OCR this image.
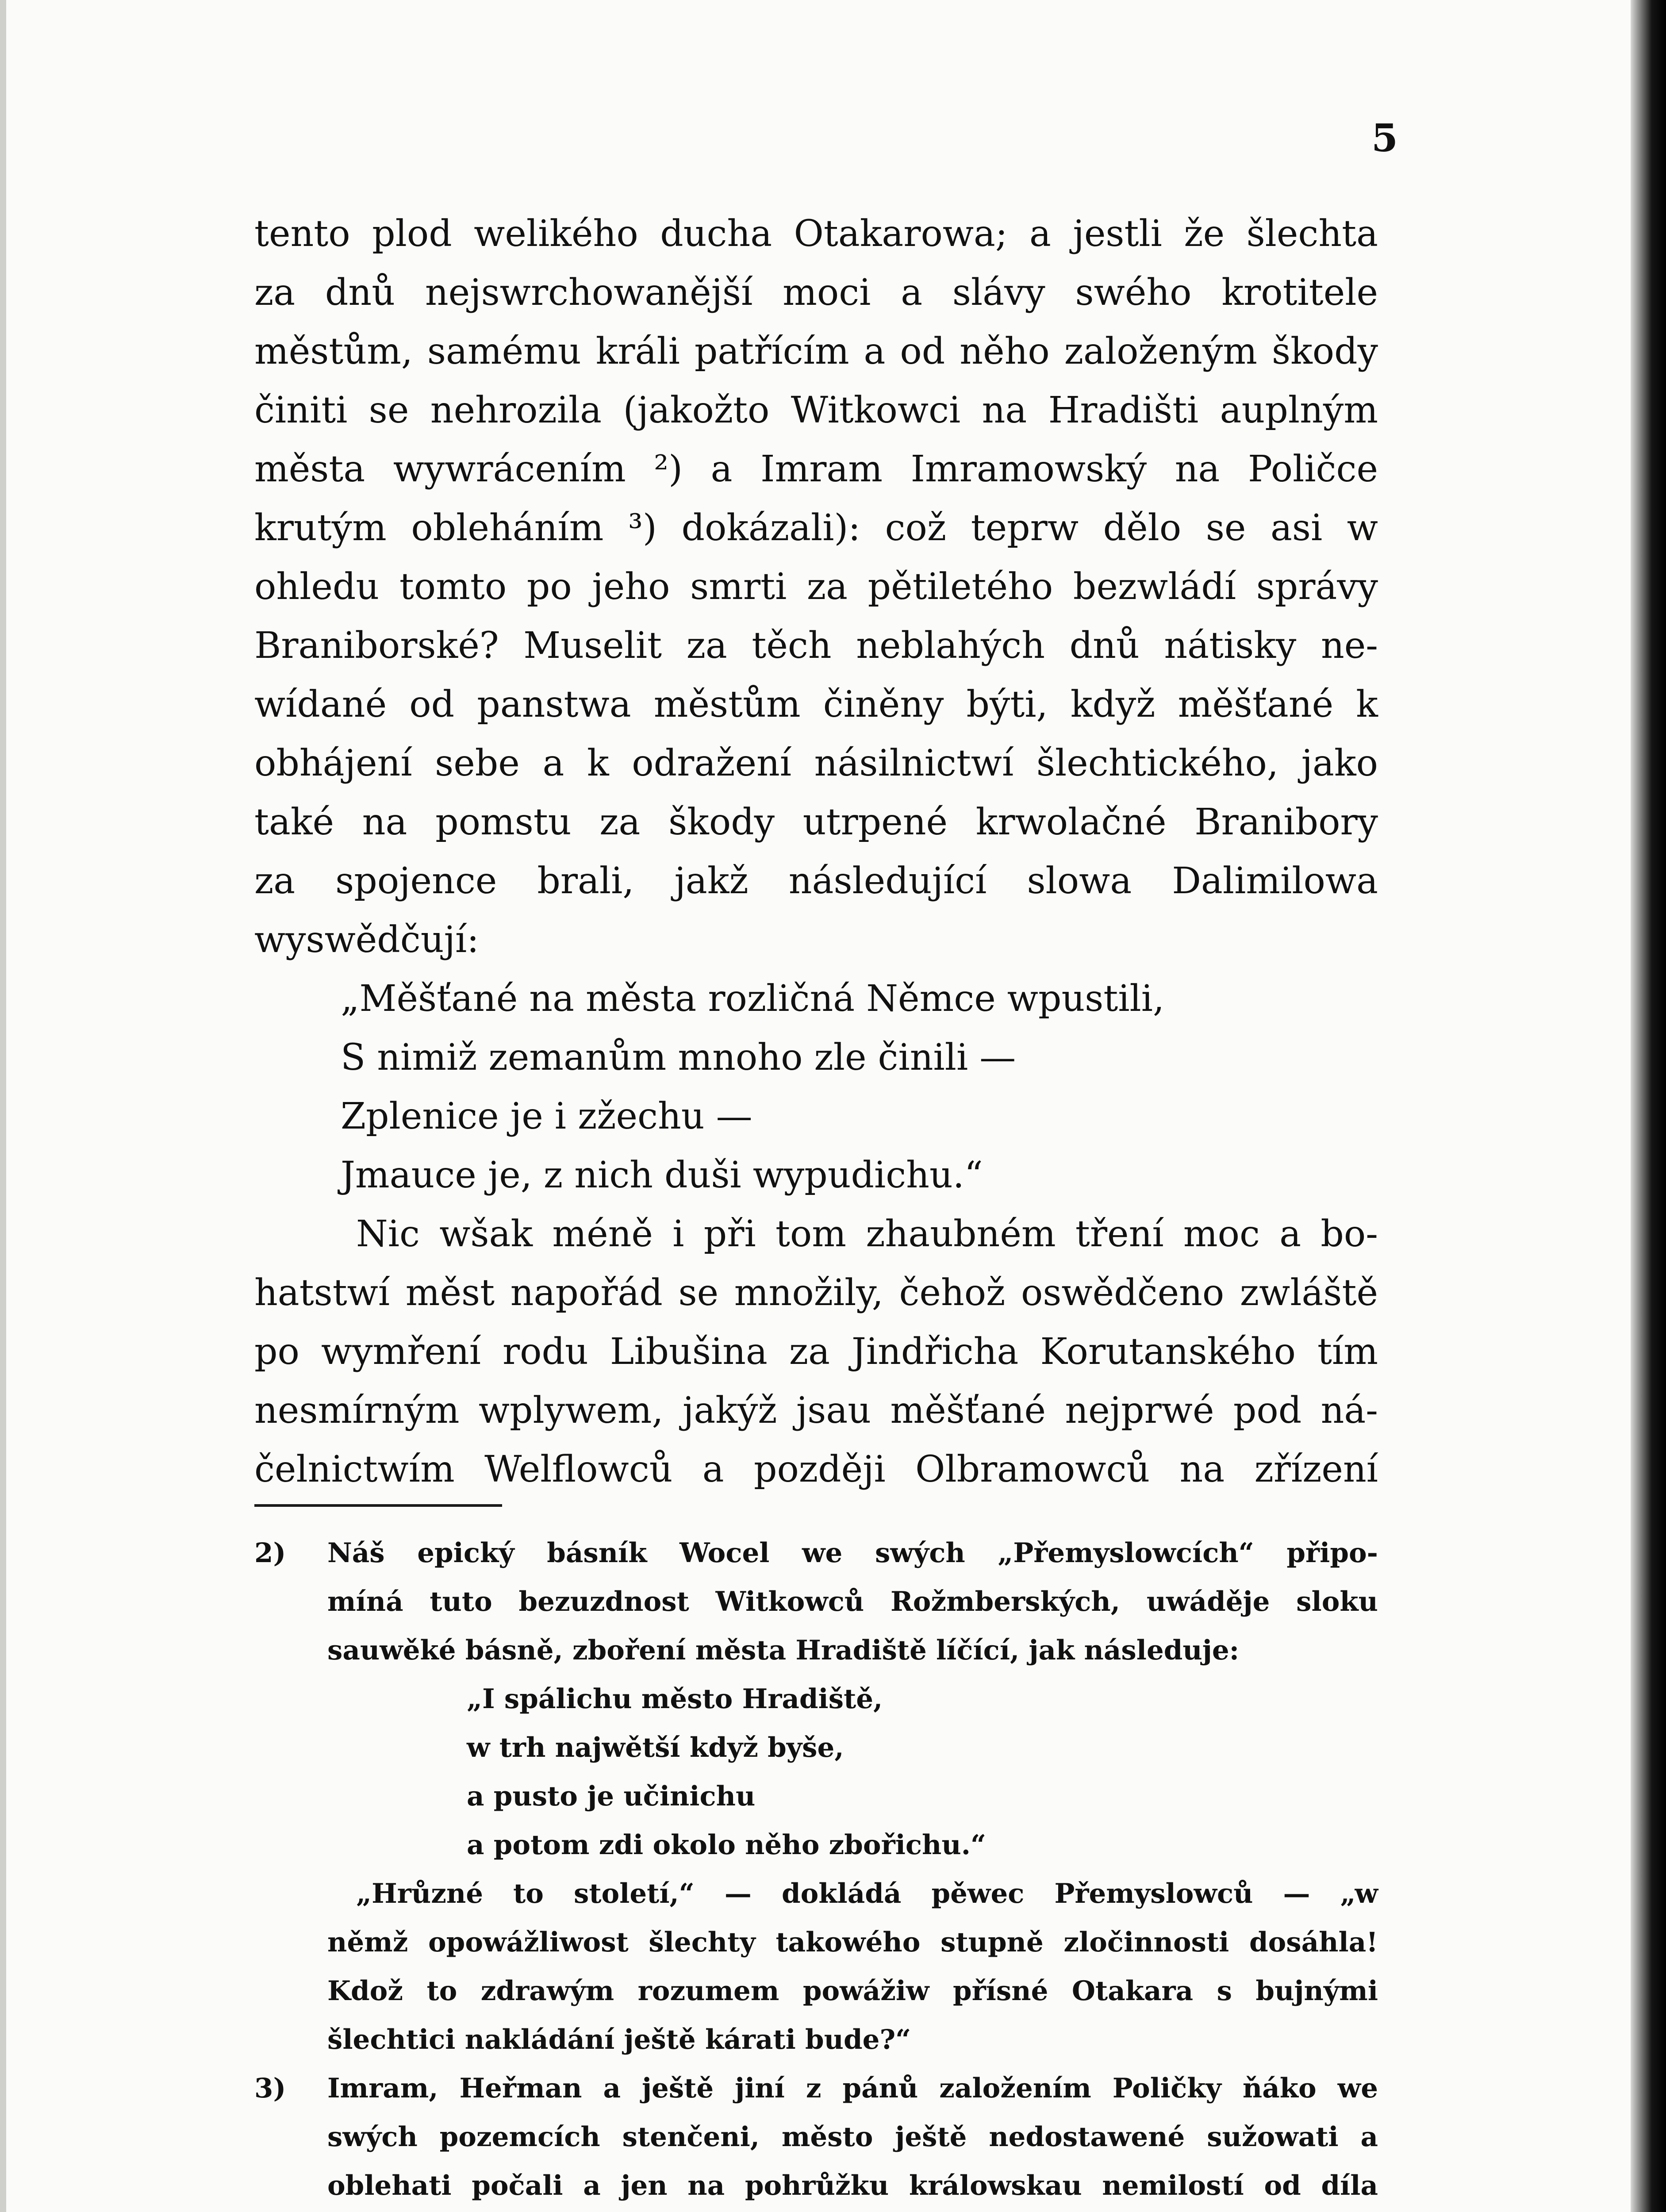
5
tento plod welikého ducha Otakarowa; a jestli že šlechta
za dnů nejswrchowanější moci a slávy swého krotitele
městům, samému králi patřícím a od něho založeným škody
činiti se nehrozila (jakožto Witkowci na Hradišti auplným
města wywrácením ²) a Imram Imramowský na Poličce
krutým obleháním ³) dokázali): což teprw dělo se asi w
ohledu tomto po jeho smrti za pětiletého bezwládí správy
Braniborské? Muselit za těch neblahých dnů nátisky ne-
wídané od panstwa městům činěny býti, když měšťané k
obhájení sebe a k odražení násilnictwí šlechtického, jako
také na pomstu za škody utrpené krwolačné Branibory
za spojence brali, jakž následující slowa Dalimilowa
wyswědčují:
„Měšťané na města rozličná Němce wpustili,
S nimiž zemanům mnoho zle činili —
Zplenice je i zžechu —
Jmauce je, z nich duši wypudichu.“
Nic wšak méně i při tom zhaubném tření moc a bo-
hatstwí měst napořád se množily, čehož oswědčeno zwláště
po wymření rodu Libušina za Jindřicha Korutanského tím
nesmírným wplywem, jakýž jsau měšťané nejprwé pod ná-
čelnictwím Welflowců a později Olbramowců na zřízení
2) Náš epický básník Wocel we swých „Přemyslowcích“ připo-
míná tuto bezuzdnost Witkowců Rožmberských, uwáděje sloku
sauwěké básně, zboření města Hradiště líčící, jak následuje:
„I spálichu město Hradiště,
w trh najwětší když byše,
a pusto je učinichu
a potom zdi okolo něho zbořichu.“
„Hrůzné to století,“ — dokládá pěwec Přemyslowců — „w
němž opowážliwost šlechty takowého stupně zločinnosti dosáhla!
Kdož to zdrawým rozumem powážiw přísné Otakara s bujnými
šlechtici nakládání ještě kárati bude?“
3) Imram, Heřman a ještě jiní z pánů založením Poličky ňáko we
swých pozemcích stenčeni, město ještě nedostawené sužowati a
oblehati počali a jen na pohrůžku králowskau nemilostí od díla
